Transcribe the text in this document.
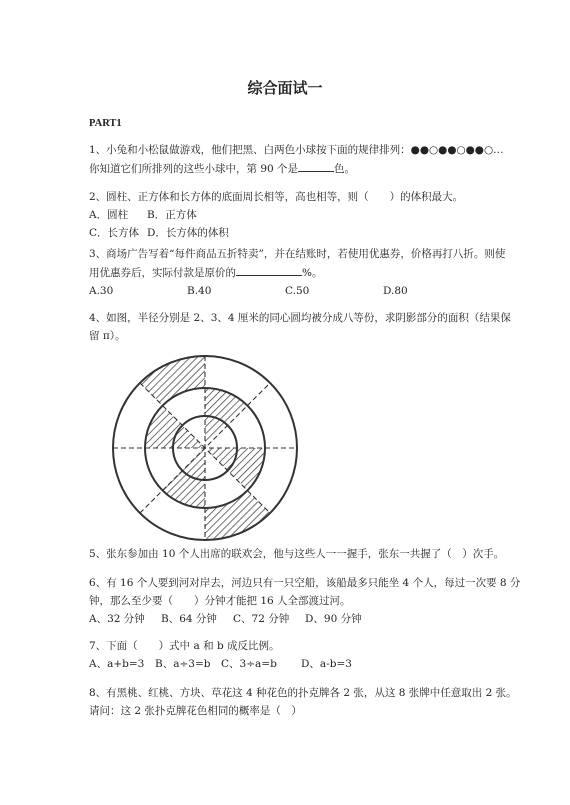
综合面试一
PART1
1、小兔和小松鼠做游戏，他们把黑、白两色小球按下面的规律排列：●●○●●○●●○…
你知道它们所排列的这些小球中，第 90 个是	色。
2、圆柱、正方体和长方体的底面周长相等，高也相等，则（　　）的体积最大。
A．圆柱 B．正方体
C．长方体 D．长方体的体积
3、商场广告写着“每件商品五折特卖”，并在结账时，若使用优惠券，价格再打八折。则使
用优惠券后，实际付款是原价的	%。
A.30	B.40	C.50	D.80
4、如图，半径分别是 2、3、4 厘米的同心圆均被分成八等份，求阴影部分的面积（结果保
留 π）。
5、张东参加由 10 个人出席的联欢会，他与这些人一一握手，张东一共握了（　）次手。
6、有 16 个人要到河对岸去，河边只有一只空船，该船最多只能坐 4 个人，每过一次要 8 分
钟，那么至少要（　　）分钟才能把 16 人全部渡过河。
A、32 分钟 B、64 分钟 C、72 分钟 D、90 分钟
7、下面（　　）式中 a 和 b 成反比例。
A、a+b=3 B、a÷3=b C、3÷a=b D、a-b=3
8、有黑桃、红桃、方块、草花这 4 种花色的扑克牌各 2 张，从这 8 张牌中任意取出 2 张。
请问：这 2 张扑克牌花色相同的概率是（　）
